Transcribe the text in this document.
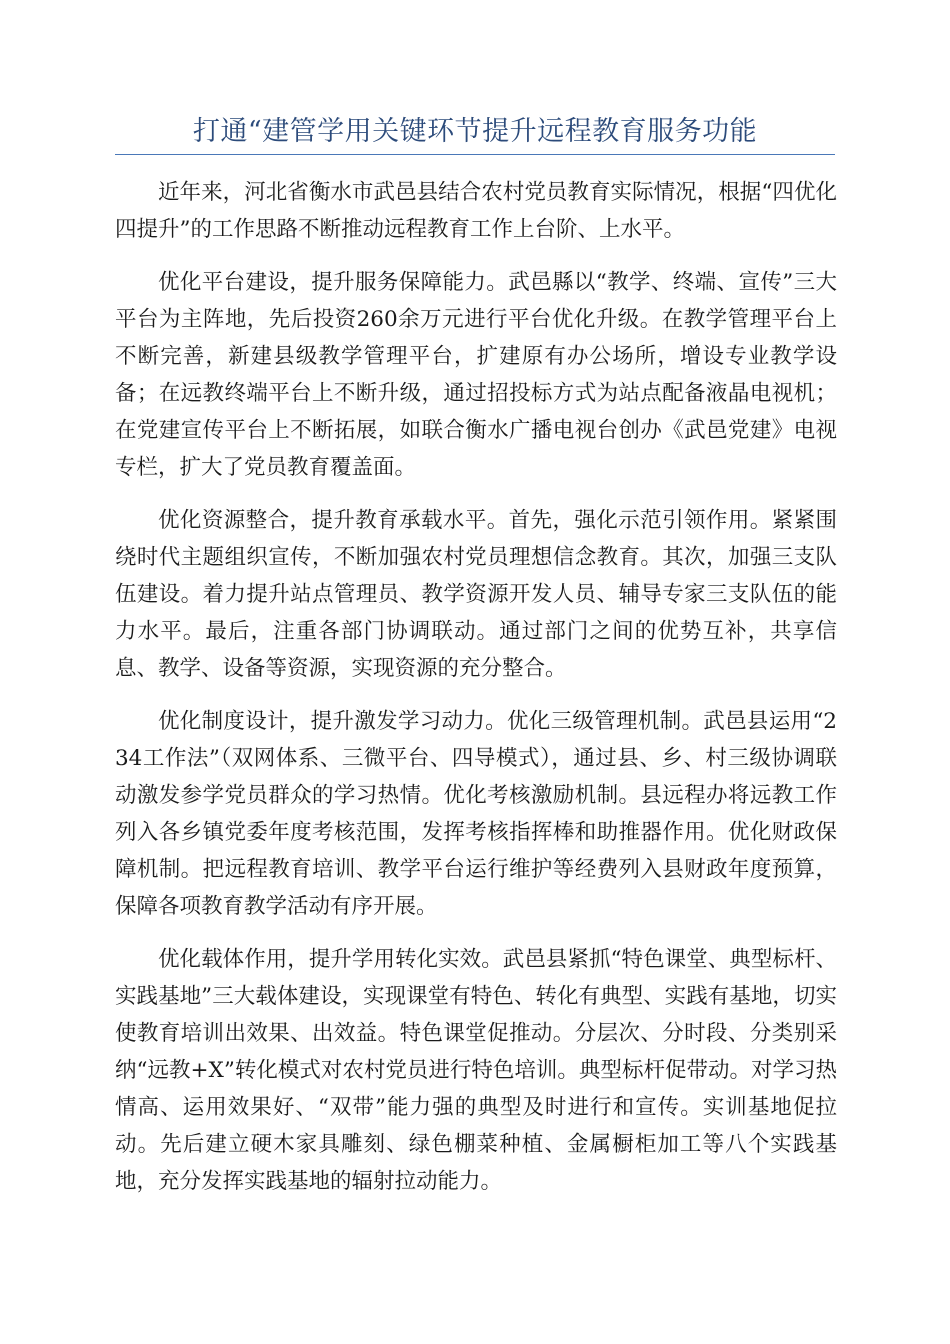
打通“建管学用关键环节提升远程教育服务功能

近年来，河北省衡水市武邑县结合农村党员教育实际情况，根据“四优化四提升”的工作思路不断推动远程教育工作上台阶、上水平。

优化平台建设，提升服务保障能力。武邑縣以“教学、终端、宣传”三大平台为主阵地，先后投资260余万元进行平台优化升级。在教学管理平台上不断完善，新建县级教学管理平台，扩建原有办公场所，增设专业教学设备；在远教终端平台上不断升级，通过招投标方式为站点配备液晶电视机；在党建宣传平台上不断拓展，如联合衡水广播电视台创办《武邑党建》电视专栏，扩大了党员教育覆盖面。

优化资源整合，提升教育承载水平。首先，强化示范引领作用。紧紧围绕时代主题组织宣传，不断加强农村党员理想信念教育。其次，加强三支队伍建设。着力提升站点管理员、教学资源开发人员、辅导专家三支队伍的能力水平。最后，注重各部门协调联动。通过部门之间的优势互补，共享信息、教学、设备等资源，实现资源的充分整合。

优化制度设计，提升激发学习动力。优化三级管理机制。武邑县运用“234工作法”（双网体系、三微平台、四导模式），通过县、乡、村三级协调联动激发参学党员群众的学习热情。优化考核激励机制。县远程办将远教工作列入各乡镇党委年度考核范围，发挥考核指挥棒和助推器作用。优化财政保障机制。把远程教育培训、教学平台运行维护等经费列入县财政年度预算，保障各项教育教学活动有序开展。

优化载体作用，提升学用转化实效。武邑县紧抓“特色课堂、典型标杆、实践基地”三大载体建设，实现课堂有特色、转化有典型、实践有基地，切实使教育培训出效果、出效益。特色课堂促推动。分层次、分时段、分类别采纳“远教+X”转化模式对农村党员进行特色培训。典型标杆促带动。对学习热情高、运用效果好、“双带”能力强的典型及时进行和宣传。实训基地促拉动。先后建立硬木家具雕刻、绿色棚菜种植、金属橱柜加工等八个实践基地，充分发挥实践基地的辐射拉动能力。
